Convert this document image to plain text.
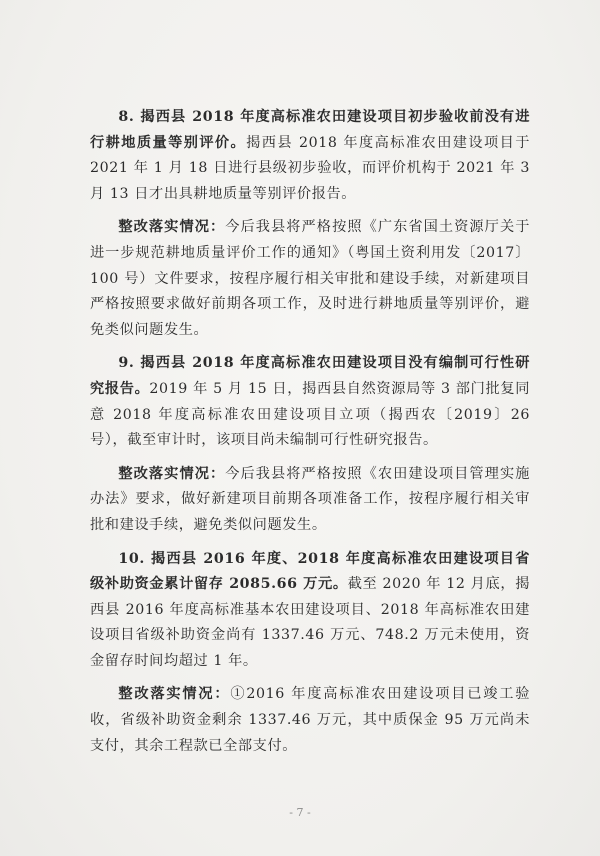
8. 揭西县 2018 年度高标准农田建设项目初步验收前没有进行耕地质量等别评价。揭西县 2018 年度高标准农田建设项目于 2021 年 1 月 18 日进行县级初步验收，而评价机构于 2021 年 3 月 13 日才出具耕地质量等别评价报告。

整改落实情况：今后我县将严格按照《广东省国土资源厅关于进一步规范耕地质量评价工作的通知》（粤国土资利用发〔2017〕100 号）文件要求，按程序履行相关审批和建设手续，对新建项目严格按照要求做好前期各项工作，及时进行耕地质量等别评价，避免类似问题发生。

9. 揭西县 2018 年度高标准农田建设项目没有编制可行性研究报告。2019 年 5 月 15 日，揭西县自然资源局等 3 部门批复同意 2018 年度高标准农田建设项目立项（揭西农〔2019〕26 号），截至审计时，该项目尚未编制可行性研究报告。

整改落实情况：今后我县将严格按照《农田建设项目管理实施办法》要求，做好新建项目前期各项准备工作，按程序履行相关审批和建设手续，避免类似问题发生。

10. 揭西县 2016 年度、2018 年度高标准农田建设项目省级补助资金累计留存 2085.66 万元。截至 2020 年 12 月底，揭西县 2016 年度高标准基本农田建设项目、2018 年高标准农田建设项目省级补助资金尚有 1337.46 万元、748.2 万元未使用，资金留存时间均超过 1 年。

整改落实情况：①2016 年度高标准农田建设项目已竣工验收，省级补助资金剩余 1337.46 万元，其中质保金 95 万元尚未支付，其余工程款已全部支付。

- 7 -
